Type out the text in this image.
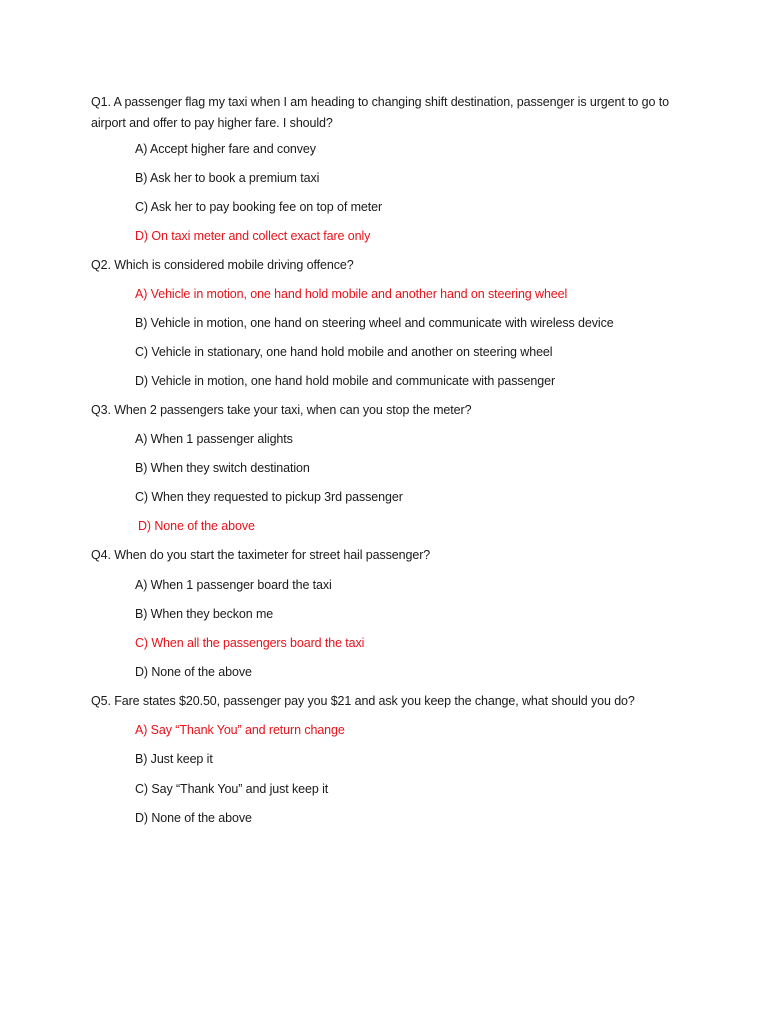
Q1. A passenger flag my taxi when I am heading to changing shift destination, passenger is urgent to go to airport and offer to pay higher fare. I should?

A) Accept higher fare and convey

B) Ask her to book a premium taxi

C) Ask her to pay booking fee on top of meter

D) On taxi meter and collect exact fare only

Q2. Which is considered mobile driving offence?

A) Vehicle in motion, one hand hold mobile and another hand on steering wheel

B) Vehicle in motion, one hand on steering wheel and communicate with wireless device

C) Vehicle in stationary, one hand hold mobile and another on steering wheel

D) Vehicle in motion, one hand hold mobile and communicate with passenger

Q3. When 2 passengers take your taxi, when can you stop the meter?

A) When 1 passenger alights

B) When they switch destination

C) When they requested to pickup 3rd passenger

D) None of the above

Q4. When do you start the taximeter for street hail passenger?

A) When 1 passenger board the taxi

B) When they beckon me

C) When all the passengers board the taxi

D) None of the above

Q5. Fare states $20.50, passenger pay you $21 and ask you keep the change, what should you do?

A) Say “Thank You” and return change

B) Just keep it

C) Say “Thank You” and just keep it

D) None of the above
